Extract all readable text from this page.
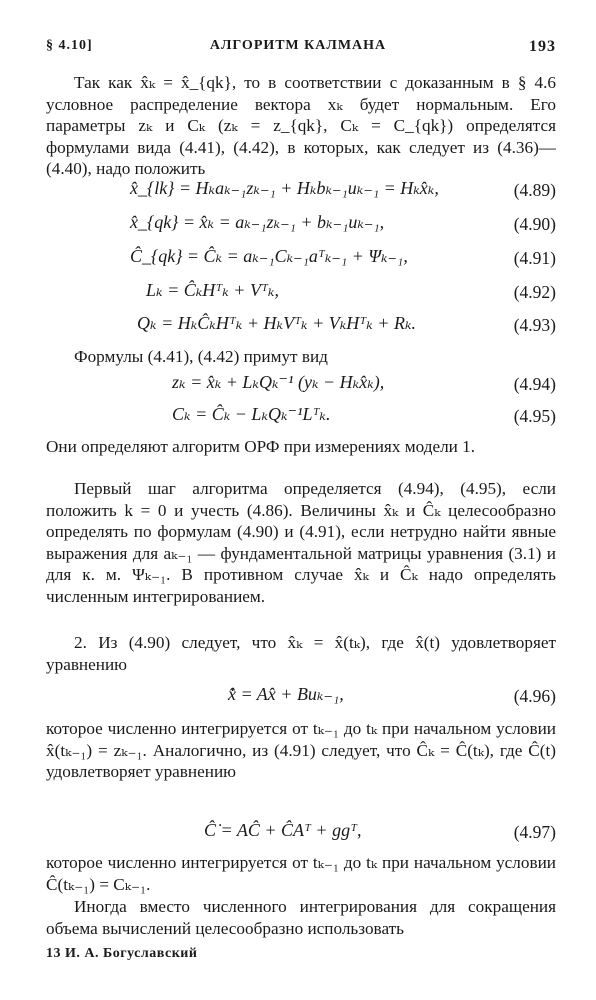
§ 4.10]	АЛГОРИТМ КАЛМАНА	193
Так как x̂ₖ = x̂_{qk}, то в соответствии с доказанным в § 4.6 условное распределение вектора xₖ будет нормальным. Его параметры zₖ и Cₖ (zₖ = z_{qk}, Cₖ = C_{qk}) определятся формулами вида (4.41), (4.42), в которых, как следует из (4.36)—(4.40), надо положить
x̂_{lk} = Hₖaₖ₋₁zₖ₋₁ + Hₖbₖ₋₁uₖ₋₁ = Hₖx̂ₖ,	(4.89)
x̂_{qk} = x̂ₖ = aₖ₋₁zₖ₋₁ + bₖ₋₁uₖ₋₁,	(4.90)
Ĉ_{qk} = Ĉₖ = aₖ₋₁Cₖ₋₁aᵀₖ₋₁ + Ψₖ₋₁,	(4.91)
Lₖ = ĈₖHᵀₖ + Vᵀₖ,	(4.92)
Qₖ = HₖĈₖHᵀₖ + HₖVᵀₖ + VₖHᵀₖ + Rₖ.	(4.93)
Формулы (4.41), (4.42) примут вид
zₖ = x̂ₖ + LₖQₖ⁻¹ (yₖ − Hₖx̂ₖ),	(4.94)
Cₖ = Ĉₖ − LₖQₖ⁻¹Lᵀₖ.	(4.95)
Они определяют алгоритм ОРФ при измерениях модели 1.
Первый шаг алгоритма определяется (4.94), (4.95), если положить k = 0 и учесть (4.86). Величины x̂ₖ и Ĉₖ целесообразно определять по формулам (4.90) и (4.91), если нетрудно найти явные выражения для aₖ₋₁ — фундаментальной матрицы уравнения (3.1) и для к. м. Ψₖ₋₁. В противном случае x̂ₖ и Ĉₖ надо определять численным интегрированием.
2. Из (4.90) следует, что x̂ₖ = x̂(tₖ), где x̂(t) удовлетворяет уравнению
x̂̇ = Ax̂ + Buₖ₋₁,	(4.96)
которое численно интегрируется от tₖ₋₁ до tₖ при начальном условии x̂(tₖ₋₁) = zₖ₋₁. Аналогично, из (4.91) следует, что Ĉₖ = Ĉ(tₖ), где Ĉ(t) удовлетворяет уравнению
Ĉ̇ = AĈ + ĈAᵀ + ggᵀ,	(4.97)
которое численно интегрируется от tₖ₋₁ до tₖ при начальном условии Ĉ(tₖ₋₁) = Cₖ₋₁.
Иногда вместо численного интегрирования для сокращения объема вычислений целесообразно использовать
13 И. А. Богуславский
